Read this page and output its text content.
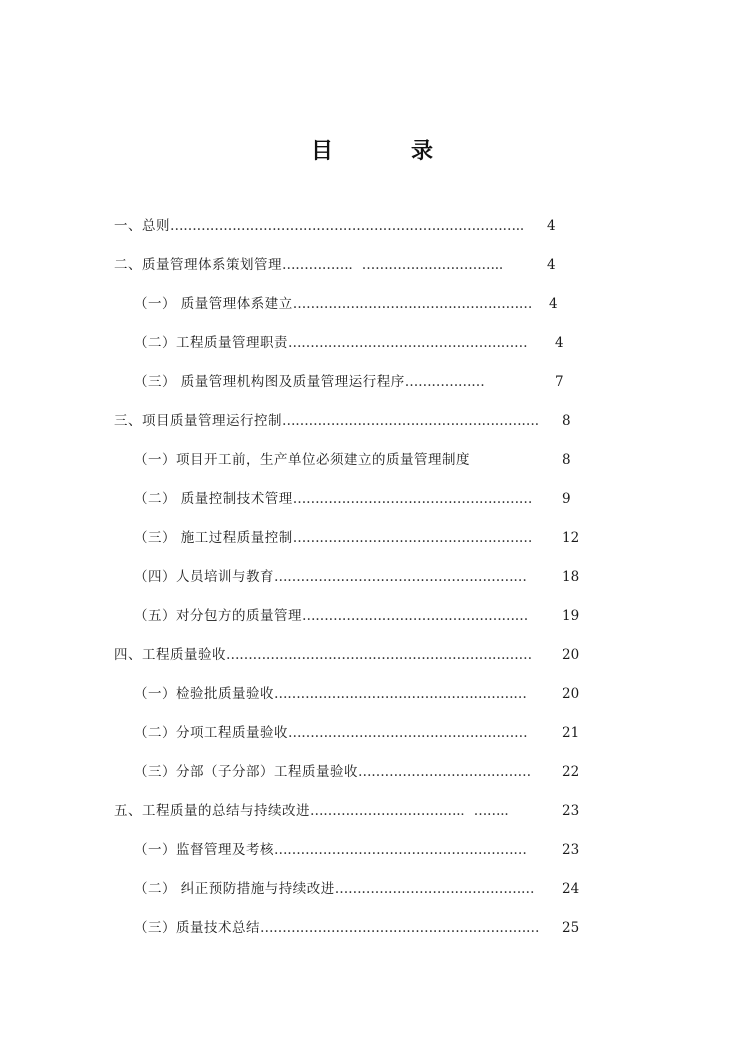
目　录
一、总则…………………………………………………………………….. 4
二、质量管理体系策划管理……………．…………………………..	4
（一） 质量管理体系建立……………………………………………… 4
（二）工程质量管理职责……………………………………………… 4
（三） 质量管理机构图及质量管理运行程序………………	7
三、项目质量管理运行控制…………………………………………………. 8
（一）项目开工前，生产单位必须建立的质量管理制度	8
（二） 质量控制技术管理……………………………………………… 9
（三） 施工过程质量控制……………………………………………… 12
（四）人员培训与教育…………………………………………………	18
（五）对分包方的质量管理……………………………………………	19
四、工程质量验收…………………………………………………………… 20
（一）检验批质量验收…………………………………………………	20
（二）分项工程质量验收………………………………………………	21
（三）分部（子分部）工程质量验收………………………………… 22
五、工程质量的总结与持续改进…………………………….．……..	23
（一）监督管理及考核…………………………………………………	23
（二） 纠正预防措施与持续改进……………………………………… 24
（三）质量技术总结……………………………………………………… 25
